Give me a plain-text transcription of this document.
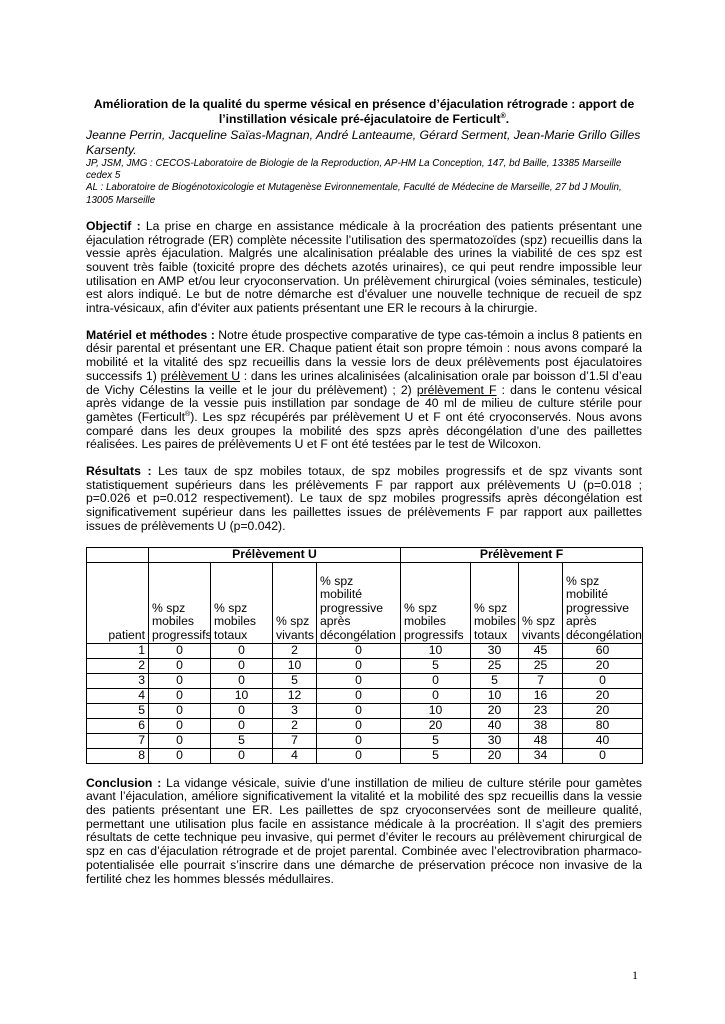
Amélioration de la qualité du sperme vésical en présence d’éjaculation rétrograde : apport de
l’instillation vésicale pré-éjaculatoire de Ferticult®.
Jeanne Perrin, Jacqueline Saïas-Magnan, André Lanteaume, Gérard Serment, Jean-Marie Grillo Gilles Karsenty.

JP, JSM, JMG : CECOS-Laboratoire de Biologie de la Reproduction, AP-HM La Conception, 147, bd Baille, 13385 Marseille cedex 5

AL : Laboratoire de Biogénotoxicologie et Mutagenèse Evironnementale, Faculté de Médecine de Marseille, 27 bd J Moulin, 13005 Marseille

Objectif : La prise en charge en assistance médicale à la procréation des patients présentant une éjaculation rétrograde (ER) complète nécessite l’utilisation des spermatozoïdes (spz) recueillis dans la vessie après éjaculation. Malgrés une alcalinisation préalable des urines la viabilité de ces spz est souvent très faible (toxicité propre des déchets azotés urinaires), ce qui peut rendre impossible leur utilisation en AMP et/ou leur cryoconservation. Un prélèvement chirurgical (voies séminales, testicule) est alors indiqué. Le but de notre démarche est d'évaluer une nouvelle technique de recueil de spz intra-vésicaux, afin d'éviter aux patients présentant une ER le recours à la chirurgie.
Matériel et méthodes : Notre étude prospective comparative de type cas-témoin a inclus 8 patients en désir parental et présentant une ER. Chaque patient était son propre témoin : nous avons comparé la mobilité et la vitalité des spz recueillis dans la vessie lors de deux prélèvements post éjaculatoires successifs 1) prélèvement U : dans les urines alcalinisées (alcalinisation orale par boisson d’1.5l d’eau de Vichy Célestins la veille et le jour du prélèvement) ; 2) prélèvement F : dans le contenu vésical après vidange de la vessie puis instillation par sondage de 40 ml de milieu de culture stérile pour gamètes (Ferticult®). Les spz récupérés par prélèvement U et F ont été cryoconservés. Nous avons comparé dans les deux groupes la mobilité des spzs après décongélation d’une des paillettes réalisées. Les paires de prélèvements U et F ont été testées par le test de Wilcoxon.
Résultats : Les taux de spz mobiles totaux, de spz mobiles progressifs et de spz vivants sont statistiquement supérieurs dans les prélèvements F par rapport aux prélèvements U (p=0.018 ; p=0.026 et p=0.012 respectivement). Le taux de spz mobiles progressifs après décongélation est significativement supérieur dans les paillettes issues de prélèvements F par rapport aux paillettes issues de prélèvements U (p=0.042).
	Prélèvement U				Prélèvement F			
patient	% spz mobiles progressifs	% spz mobiles totaux	% spz vivants	% spz mobilité progressive après décongélation	% spz mobiles progressifs	% spz mobiles totaux	% spz vivants	% spz mobilité progressive après décongélation
1	0	0	2	0	10	30	45	60
2	0	0	10	0	5	25	25	20
3	0	0	5	0	0	5	7	0
4	0	10	12	0	0	10	16	20
5	0	0	3	0	10	20	23	20
6	0	0	2	0	20	40	38	80
7	0	5	7	0	5	30	48	40
8	0	0	4	0	5	20	34	0
Conclusion : La vidange vésicale, suivie d’une instillation de milieu de culture stérile pour gamètes avant l’éjaculation, améliore significativement la vitalité et la mobilité des spz recueillis dans la vessie des patients présentant une ER. Les paillettes de spz cryoconservées sont de meilleure qualité, permettant une utilisation plus facile en assistance médicale à la procréation. Il s’agit des premiers résultats de cette technique peu invasive, qui permet d’éviter le recours au prélèvement chirurgical de spz en cas d’éjaculation rétrograde et de projet parental. Combinée avec l’electrovibration pharmaco-potentialisée elle pourrait s’inscrire dans une démarche de préservation précoce non invasive de la fertilité chez les hommes blessés médullaires.
1
